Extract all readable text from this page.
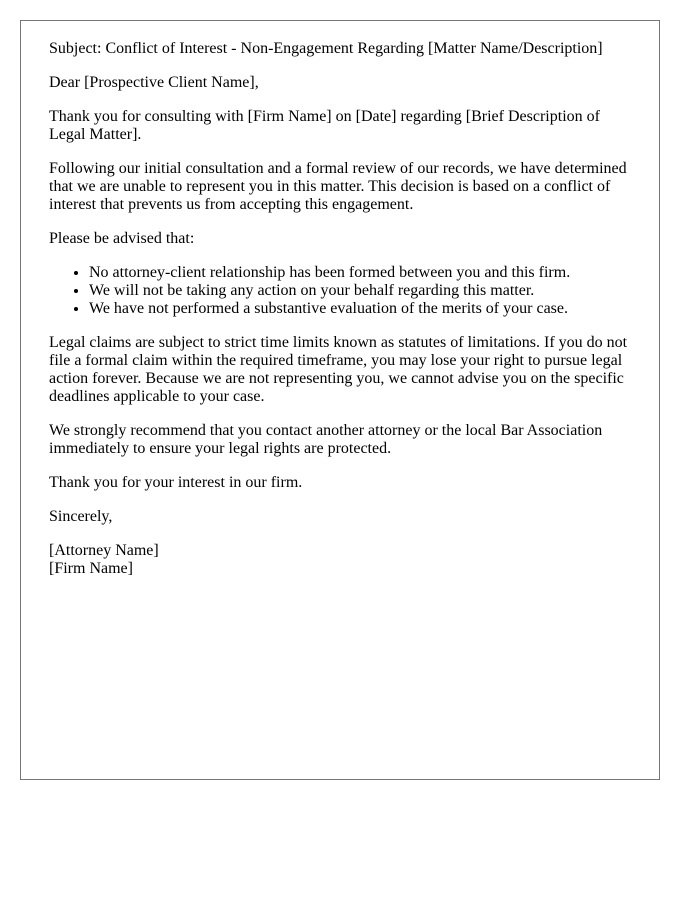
Subject: Conflict of Interest - Non-Engagement Regarding [Matter Name/Description]

Dear [Prospective Client Name],

Thank you for consulting with [Firm Name] on [Date] regarding [Brief Description of Legal Matter].

Following our initial consultation and a formal review of our records, we have determined that we are unable to represent you in this matter. This decision is based on a conflict of interest that prevents us from accepting this engagement.

Please be advised that:

• No attorney-client relationship has been formed between you and this firm.
• We will not be taking any action on your behalf regarding this matter.
• We have not performed a substantive evaluation of the merits of your case.

Legal claims are subject to strict time limits known as statutes of limitations. If you do not file a formal claim within the required timeframe, you may lose your right to pursue legal action forever. Because we are not representing you, we cannot advise you on the specific deadlines applicable to your case.

We strongly recommend that you contact another attorney or the local Bar Association immediately to ensure your legal rights are protected.

Thank you for your interest in our firm.

Sincerely,

[Attorney Name]
[Firm Name]
